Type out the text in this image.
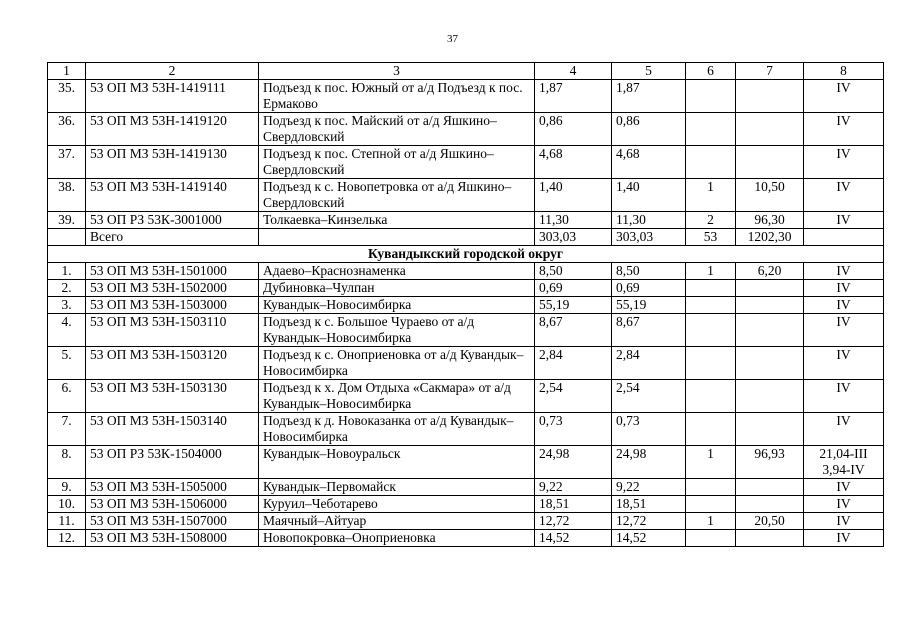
37
1	2	3	4	5	6	7	8
35.	53 ОП МЗ 53Н-1419111	Подъезд к пос. Южный от а/д Подъезд к пос. Ермаково	1,87	1,87			IV
36.	53 ОП МЗ 53Н-1419120	Подъезд к пос. Майский от а/д Яшкино–Свердловский	0,86	0,86			IV
37.	53 ОП МЗ 53Н-1419130	Подъезд к пос. Степной от а/д Яшкино–Свердловский	4,68	4,68			IV
38.	53 ОП МЗ 53Н-1419140	Подъезд к с. Новопетровка от а/д Яшкино–Свердловский	1,40	1,40	1	10,50	IV
39.	53 ОП РЗ 53К-3001000	Толкаевка–Кинзелька	11,30	11,30	2	96,30	IV
	Всего		303,03	303,03	53	1202,30	
Кувандыкский городской округ							
1.	53 ОП МЗ 53Н-1501000	Адаево–Краснознаменка	8,50	8,50	1	6,20	IV
2.	53 ОП МЗ 53Н-1502000	Дубиновка–Чулпан	0,69	0,69			IV
3.	53 ОП МЗ 53Н-1503000	Кувандык–Новосимбирка	55,19	55,19			IV
4.	53 ОП МЗ 53Н-1503110	Подъезд к с. Большое Чураево от а/д Кувандык–Новосимбирка	8,67	8,67			IV
5.	53 ОП МЗ 53Н-1503120	Подъезд к с. Оноприеновка от а/д Кувандык–Новосимбирка	2,84	2,84			IV
6.	53 ОП МЗ 53Н-1503130	Подъезд к х. Дом Отдыха «Сакмара» от а/д Кувандык–Новосимбирка	2,54	2,54			IV
7.	53 ОП МЗ 53Н-1503140	Подъезд к д. Новоказанка от а/д Кувандык–Новосимбирка	0,73	0,73			IV
8.	53 ОП РЗ 53К-1504000	Кувандык–Новоуральск	24,98	24,98	1	96,93	21,04-III
3,94-IV

9.	53 ОП МЗ 53Н-1505000	Кувандык–Первомайск	9,22	9,22			IV
10.	53 ОП МЗ 53Н-1506000	Куруил–Чеботарево	18,51	18,51			IV
11.	53 ОП МЗ 53Н-1507000	Маячный–Айтуар	12,72	12,72	1	20,50	IV
12.	53 ОП МЗ 53Н-1508000	Новопокровка–Оноприеновка	14,52	14,52			IV
